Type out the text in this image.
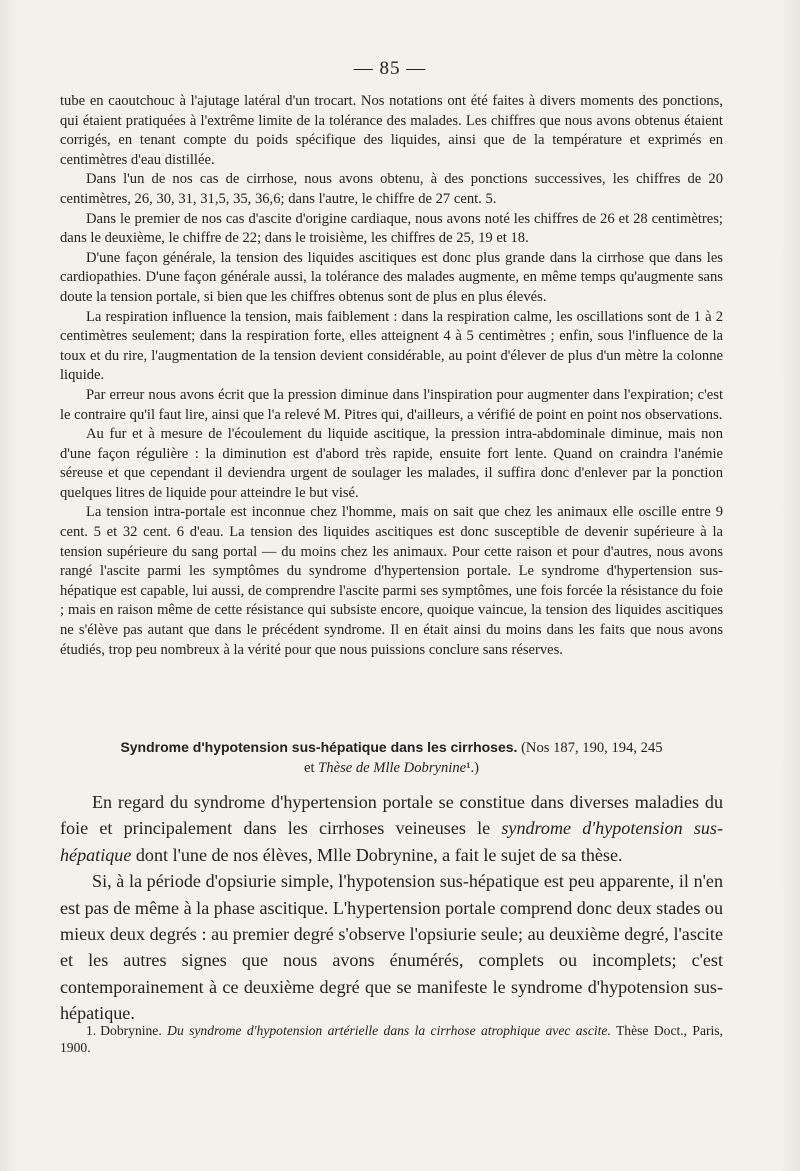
— 85 —

tube en caoutchouc à l'ajutage latéral d'un trocart. Nos notations ont été faites à divers moments des ponctions, qui étaient pratiquées à l'extrême limite de la tolérance des malades. Les chiffres que nous avons obtenus étaient corrigés, en tenant compte du poids spécifique des liquides, ainsi que de la température et exprimés en centimètres d'eau distillée.

Dans l'un de nos cas de cirrhose, nous avons obtenu, à des ponctions successives, les chiffres de 20 centimètres, 26, 30, 31, 31,5, 35, 36,6; dans l'autre, le chiffre de 27 cent. 5.

Dans le premier de nos cas d'ascite d'origine cardiaque, nous avons noté les chiffres de 26 et 28 centimètres; dans le deuxième, le chiffre de 22; dans le troisième, les chiffres de 25, 19 et 18.

D'une façon générale, la tension des liquides ascitiques est donc plus grande dans la cirrhose que dans les cardiopathies. D'une façon générale aussi, la tolérance des malades augmente, en même temps qu'augmente sans doute la tension portale, si bien que les chiffres obtenus sont de plus en plus élevés.

La respiration influence la tension, mais faiblement : dans la respiration calme, les oscillations sont de 1 à 2 centimètres seulement; dans la respiration forte, elles atteignent 4 à 5 centimètres ; enfin, sous l'influence de la toux et du rire, l'augmentation de la tension devient considérable, au point d'élever de plus d'un mètre la colonne liquide.

Par erreur nous avons écrit que la pression diminue dans l'inspiration pour augmenter dans l'expiration; c'est le contraire qu'il faut lire, ainsi que l'a relevé M. Pitres qui, d'ailleurs, a vérifié de point en point nos observations.

Au fur et à mesure de l'écoulement du liquide ascitique, la pression intra-abdominale diminue, mais non d'une façon régulière : la diminution est d'abord très rapide, ensuite fort lente. Quand on craindra l'anémie séreuse et que cependant il deviendra urgent de soulager les malades, il suffira donc d'enlever par la ponction quelques litres de liquide pour atteindre le but visé.

La tension intra-portale est inconnue chez l'homme, mais on sait que chez les animaux elle oscille entre 9 cent. 5 et 32 cent. 6 d'eau. La tension des liquides ascitiques est donc susceptible de devenir supérieure à la tension supérieure du sang portal — du moins chez les animaux. Pour cette raison et pour d'autres, nous avons rangé l'ascite parmi les symptômes du syndrome d'hypertension portale. Le syndrome d'hypertension sus-hépatique est capable, lui aussi, de comprendre l'ascite parmi ses symptômes, une fois forcée la résistance du foie ; mais en raison même de cette résistance qui subsiste encore, quoique vaincue, la tension des liquides ascitiques ne s'élève pas autant que dans le précédent syndrome. Il en était ainsi du moins dans les faits que nous avons étudiés, trop peu nombreux à la vérité pour que nous puissions conclure sans réserves.

Syndrome d'hypotension sus-hépatique dans les cirrhoses. (Nos 187, 190, 194, 245
et Thèse de Mlle Dobrynine¹.)

En regard du syndrome d'hypertension portale se constitue dans diverses maladies du foie et principalement dans les cirrhoses veineuses le syndrome d'hypotension sus-hépatique dont l'une de nos élèves, Mlle Dobrynine, a fait le sujet de sa thèse.

Si, à la période d'opsiurie simple, l'hypotension sus-hépatique est peu apparente, il n'en est pas de même à la phase ascitique. L'hypertension portale comprend donc deux stades ou mieux deux degrés : au premier degré s'observe l'opsiurie seule; au deuxième degré, l'ascite et les autres signes que nous avons énumérés, complets ou incomplets; c'est contemporainement à ce deuxième degré que se manifeste le syndrome d'hypotension sus-hépatique.

1. Dobrynine. Du syndrome d'hypotension artérielle dans la cirrhose atrophique avec ascite. Thèse Doct., Paris, 1900.
